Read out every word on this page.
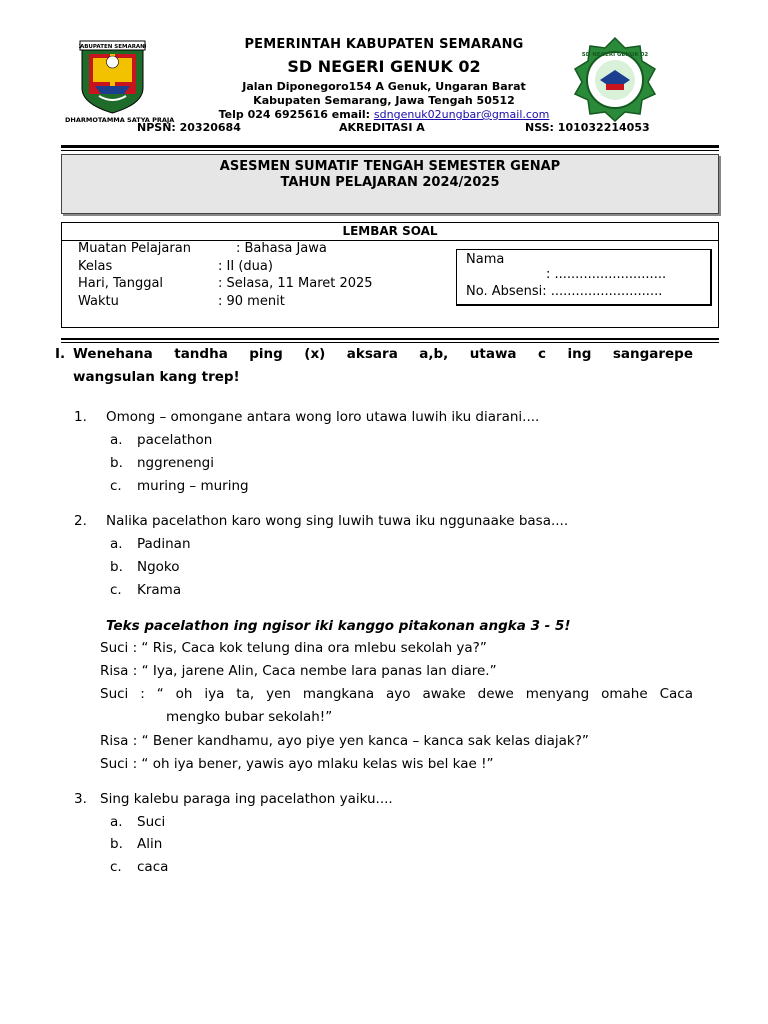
KABUPATEN SEMARANG
DHARMOTAMMA SATYA PRAJA
SD NEGERI GENUK 02
PEMERINTAH KABUPATEN SEMARANG
SD NEGERI GENUK 02
Jalan Diponegoro154 A Genuk, Ungaran Barat
Kabupaten Semarang, Jawa Tengah 50512
Telp 024 6925616 email: sdngenuk02ungbar@gmail.com
NPSN: 20320684	AKREDITASI A	NSS: 101032214053
ASESMEN SUMATIF TENGAH SEMESTER GENAP
TAHUN PELAJARAN 2024/2025
LEMBAR SOAL
Muatan Pelajaran	: Bahasa Jawa
Kelas	: II (dua)
Hari, Tanggal	: Selasa, 11 Maret 2025
Waktu	: 90 menit
Nama
: ...........................
No. Absensi: ...........................
I. Wenehana tandha ping (x) aksara a,b, utawa c ing sangarepe
wangsulan kang trep!
1. Omong – omongane antara wong loro utawa luwih iku diarani....
a. pacelathon
b. nggrenengi
c. muring – muring
2. Nalika pacelathon karo wong sing luwih tuwa iku nggunaake basa....
a. Padinan
b. Ngoko
c. Krama
Teks pacelathon ing ngisor iki kanggo pitakonan angka 3 - 5!
Suci : “ Ris, Caca kok telung dina ora mlebu sekolah ya?”
Risa : “ Iya, jarene Alin, Caca nembe lara panas lan diare.”
Suci : “ oh iya ta, yen mangkana ayo awake dewe menyang omahe Caca
mengko bubar sekolah!”
Risa : “ Bener kandhamu, ayo piye yen kanca – kanca sak kelas diajak?”
Suci : “ oh iya bener, yawis ayo mlaku kelas wis bel kae !”
3. Sing kalebu paraga ing pacelathon yaiku....
a. Suci
b. Alin
c. caca
